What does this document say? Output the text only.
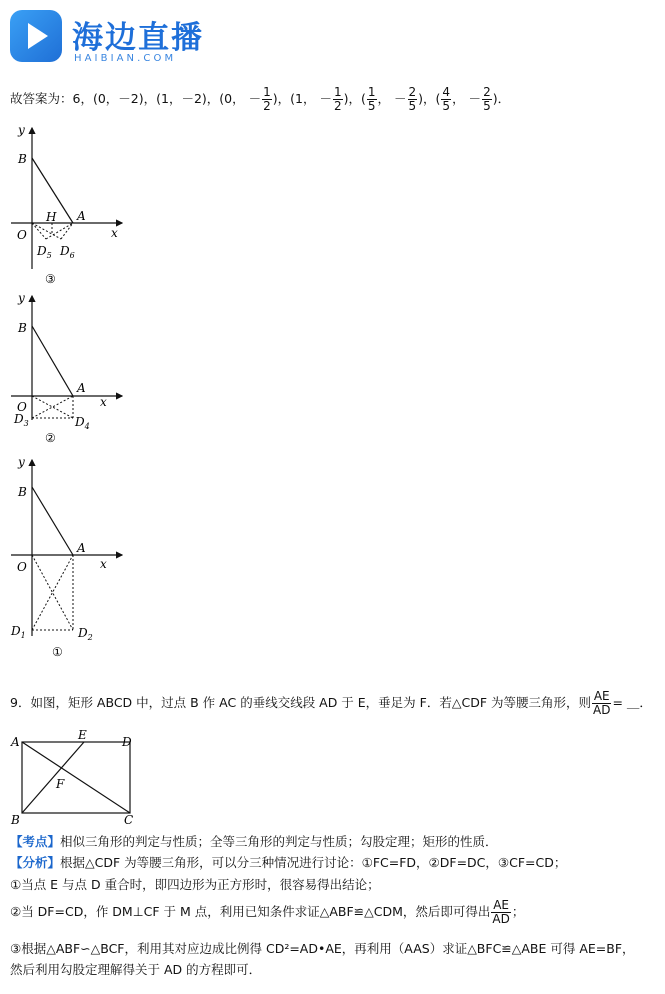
海边直播
HAIBIAN.COM
故答案为：6，(0，－2)，(1，－2)，(0， － $\frac{1}{2}$ )，(1， － $\frac{1}{2}$ )，( $\frac{1}{5}$ ， － $\frac{2}{5}$ )，( $\frac{4}{5}$ ， － $\frac{2}{5}$ )．
y
x
B
O
A
H
$D_5$ $D_6$
③
y
x
B
O
A
$D_3$	$D_4$
②
y
x
B
O
A
$D_1$	$D_2$
①
9．如图，矩形 ABCD 中，过点 B 作 AC 的垂线交线段 AD 于 E，垂足为 F．若△CDF 为等腰三角形，则 $\frac{AE}{AD}$ = ＿．
A	E	D
F
B	C
【考点】相似三角形的判定与性质；全等三角形的判定与性质；勾股定理；矩形的性质．
【分析】根据△CDF 为等腰三角形，可以分三种情况进行讨论：①FC=FD，②DF=DC，③CF=CD；
①当点 E 与点 D 重合时，即四边形为正方形时，很容易得出结论；
②当 DF=CD，作 DM⊥CF 于 M 点，利用已知条件求证△ABF≌△CDM，然后即可得出 $\frac{AE}{AD}$ ；
③根据△ABF∽△BCF，利用其对应边成比例得 CD²=AD•AE，再利用（AAS）求证△BFC≌△ABE 可得 AE=BF，
然后利用勾股定理解得关于 AD 的方程即可．
